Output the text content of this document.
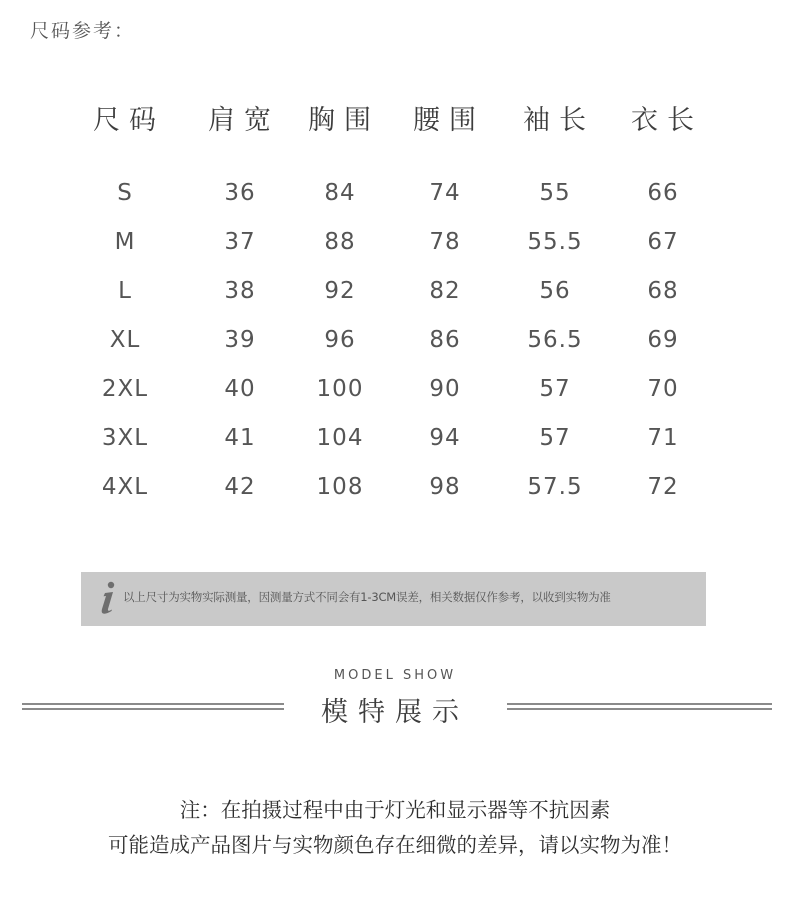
尺码参考：
尺码 肩宽 胸围 腰围 袖长 衣长
S	36	84	74	55	66
M	37	88	78	55.5	67
L	38	92	82	56	68
XL	39	96	86	56.5	69
2XL	40	100	90	57	70
3XL	41	104	94	57	71
4XL	42	108	98	57.5	72
以上尺寸为实物实际测量，因测量方式不同会有1-3CM误差，相关数据仅作参考，以收到实物为准
MODEL SHOW
模特展示
注：在拍摄过程中由于灯光和显示器等不抗因素
可能造成产品图片与实物颜色存在细微的差异，请以实物为准！
